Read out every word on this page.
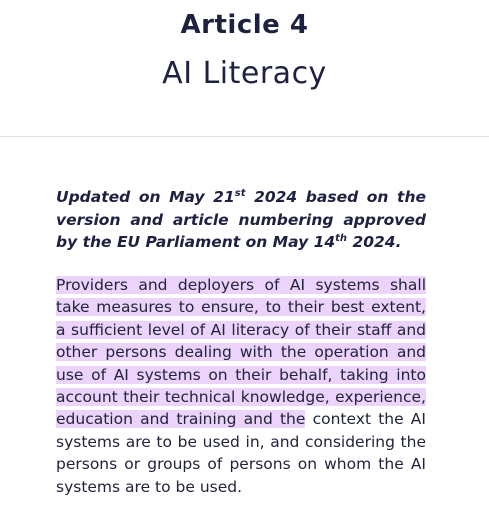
Article 4
AI Literacy
Updated on May 21st 2024 based on the version and article numbering approved by the EU Parliament on May 14th 2024.
Providers and deployers of AI systems shall take measures to ensure, to their best extent, a sufficient level of AI literacy of their staff and other persons dealing with the operation and use of AI systems on their behalf, taking into account their technical knowledge, experience, education and training and the context the AI systems are to be used in, and considering the persons or groups of persons on whom the AI systems are to be used.
